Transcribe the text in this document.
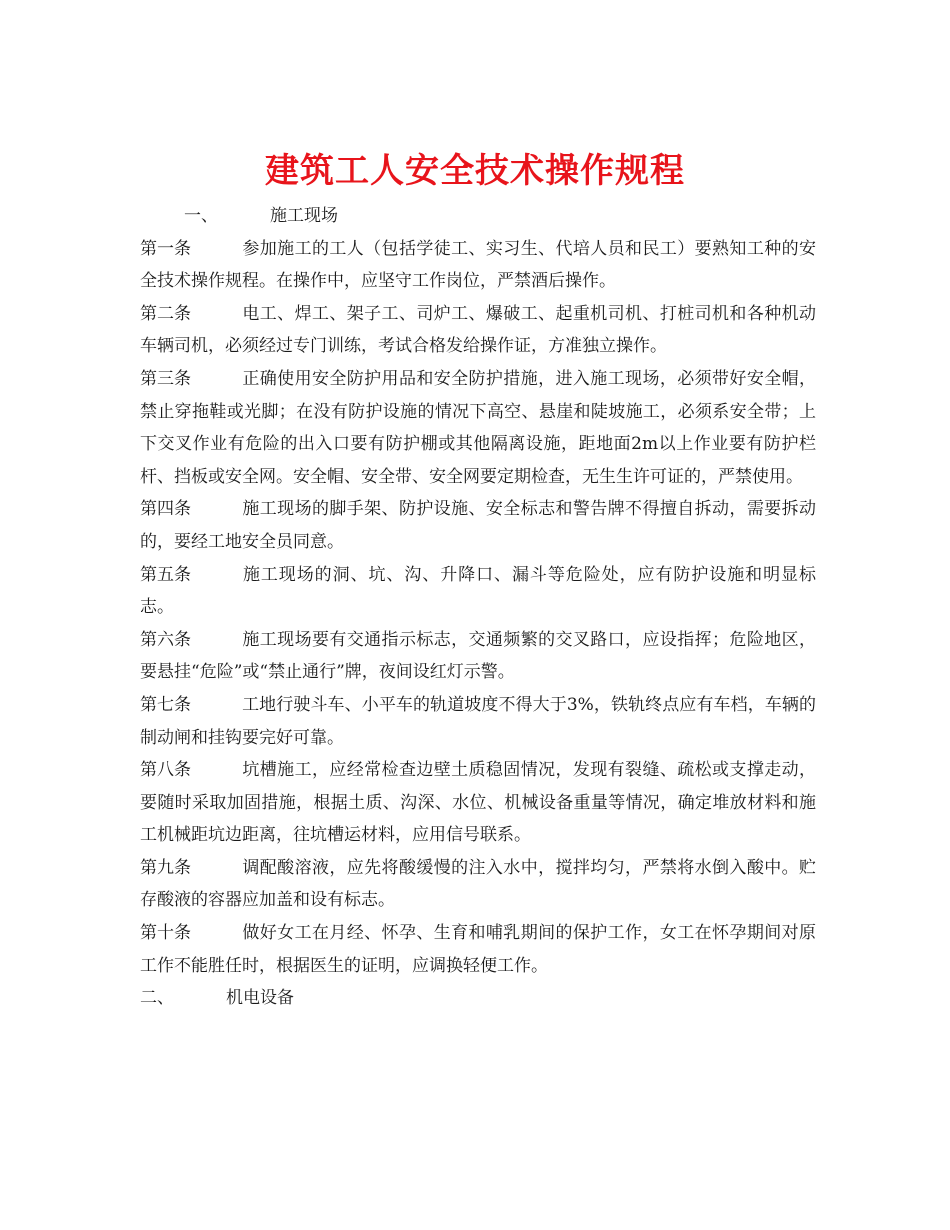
建筑工人安全技术操作规程

一、	施工现场

第一条	参加施工的工人（包括学徒工、实习生、代培人员和民工）要熟知工种的安全技术操作规程。在操作中，应坚守工作岗位，严禁酒后操作。

第二条	电工、焊工、架子工、司炉工、爆破工、起重机司机、打桩司机和各种机动车辆司机，必须经过专门训练，考试合格发给操作证，方准独立操作。

第三条	正确使用安全防护用品和安全防护措施，进入施工现场，必须带好安全帽，禁止穿拖鞋或光脚；在没有防护设施的情况下高空、悬崖和陡坡施工，必须系安全带；上下交叉作业有危险的出入口要有防护棚或其他隔离设施，距地面2m以上作业要有防护栏杆、挡板或安全网。安全帽、安全带、安全网要定期检查，无生生许可证的，严禁使用。

第四条	施工现场的脚手架、防护设施、安全标志和警告牌不得擅自拆动，需要拆动的，要经工地安全员同意。

第五条	施工现场的洞、坑、沟、升降口、漏斗等危险处，应有防护设施和明显标志。

第六条	施工现场要有交通指示标志，交通频繁的交叉路口，应设指挥；危险地区，要悬挂“危险”或“禁止通行”牌，夜间设红灯示警。

第七条	工地行驶斗车、小平车的轨道坡度不得大于3%，铁轨终点应有车档，车辆的制动闸和挂钩要完好可靠。

第八条	坑槽施工，应经常检查边壁土质稳固情况，发现有裂缝、疏松或支撑走动，要随时采取加固措施，根据土质、沟深、水位、机械设备重量等情况，确定堆放材料和施工机械距坑边距离，往坑槽运材料，应用信号联系。

第九条	调配酸溶液，应先将酸缓慢的注入水中，搅拌均匀，严禁将水倒入酸中。贮存酸液的容器应加盖和设有标志。

第十条	做好女工在月经、怀孕、生育和哺乳期间的保护工作，女工在怀孕期间对原工作不能胜任时，根据医生的证明，应调换轻便工作。

二、	机电设备
